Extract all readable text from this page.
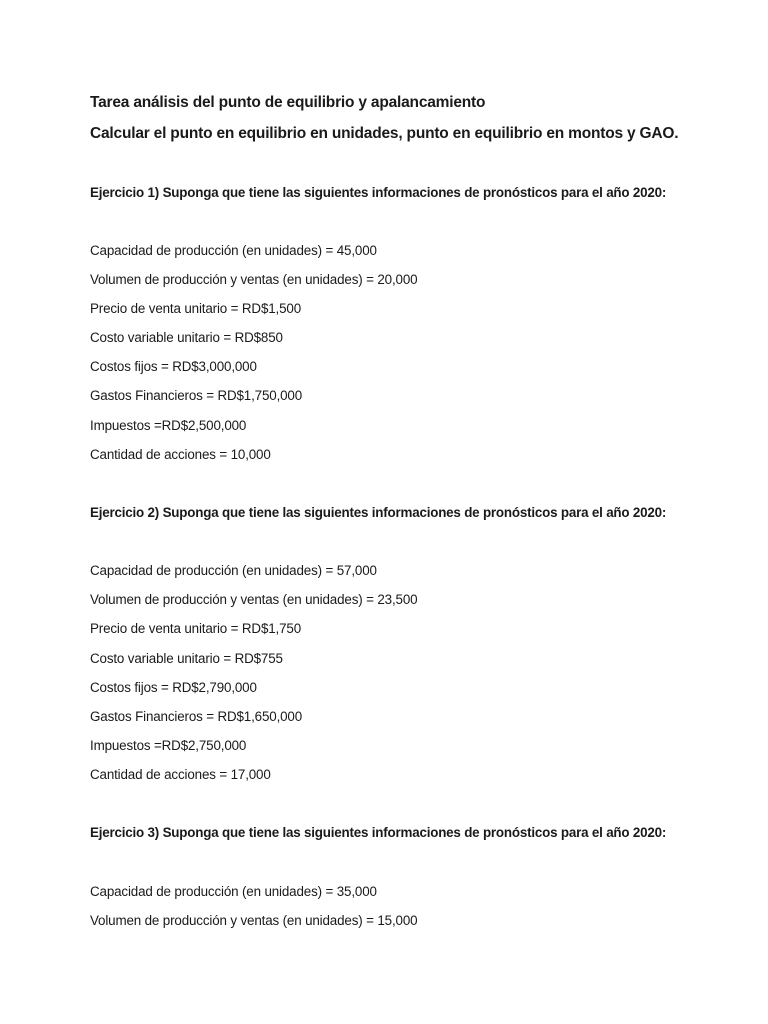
Tarea análisis del punto de equilibrio y apalancamiento
Calcular el punto en equilibrio en unidades, punto en equilibrio en montos y GAO.
Ejercicio 1) Suponga que tiene las siguientes informaciones de pronósticos para el año 2020:
Capacidad de producción (en unidades) = 45,000
Volumen de producción y ventas (en unidades) = 20,000
Precio de venta unitario = RD$1,500
Costo variable unitario = RD$850
Costos fijos = RD$3,000,000
Gastos Financieros = RD$1,750,000
Impuestos =RD$2,500,000
Cantidad de acciones = 10,000
Ejercicio 2) Suponga que tiene las siguientes informaciones de pronósticos para el año 2020:
Capacidad de producción (en unidades) = 57,000
Volumen de producción y ventas (en unidades) = 23,500
Precio de venta unitario = RD$1,750
Costo variable unitario = RD$755
Costos fijos = RD$2,790,000
Gastos Financieros = RD$1,650,000
Impuestos =RD$2,750,000
Cantidad de acciones = 17,000
Ejercicio 3) Suponga que tiene las siguientes informaciones de pronósticos para el año 2020:
Capacidad de producción (en unidades) = 35,000
Volumen de producción y ventas (en unidades) = 15,000
